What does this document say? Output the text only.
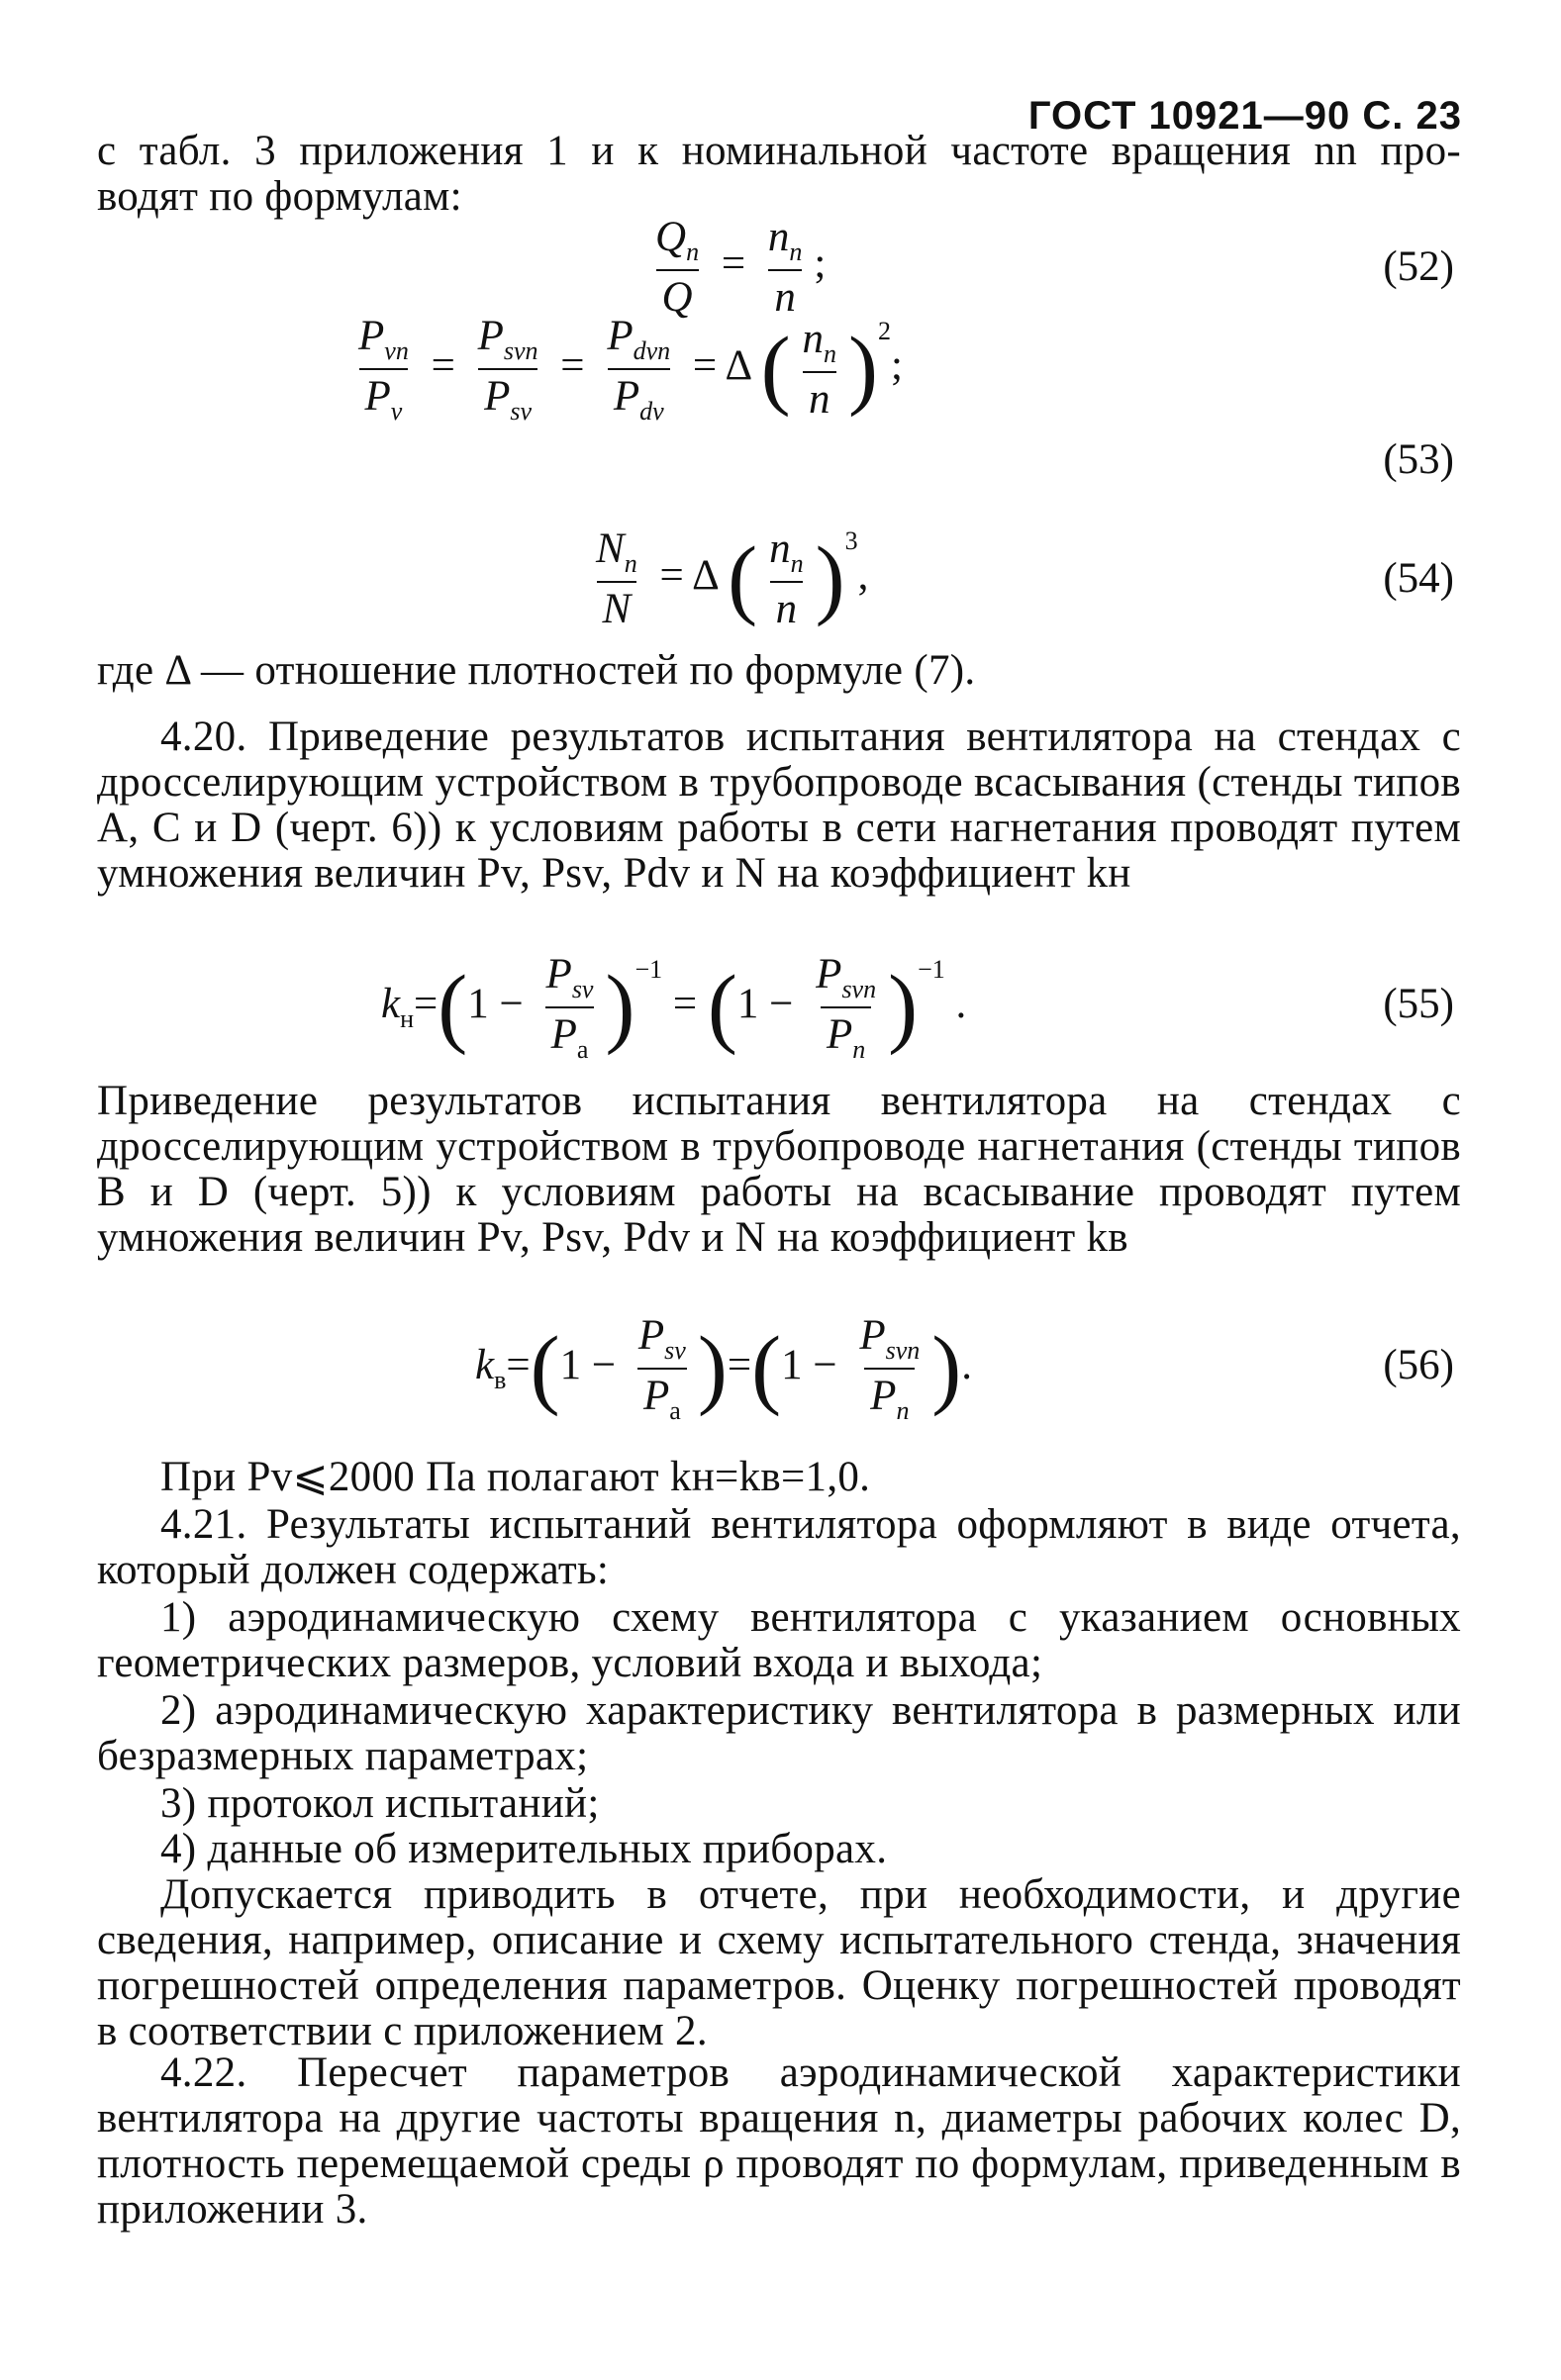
ГОСТ 10921—90 С. 23

с табл. 3 приложения 1 и к номинальной частоте вращения nn про-

водят по формулам:

$\frac{Q_n}{Q} = \frac{n_n}{n}$ ;	(52)
$\frac{P_{vn}}{P_v} = \frac{P_{svn}}{P_{sv}} = \frac{P_{dvn}}{P_{dv}} = \Delta$ ( $\frac{n_n}{n} )^2$;
(53)
$\frac{N_n}{N} = \Delta$ ( $\frac{n_n}{n} )^3$,	(54)

где Δ — отношение плотностей по формуле (7).

4.20. Приведение результатов испытания вентилятора на стендах с дросселирующим устройством в трубопроводе всасывания (стенды типов А, С и D (черт. 6)) к условиям работы в сети нагнетания проводят путем умножения величин Pv, Psv, Pdv и N на коэффициент kн

$k_н=(1 - \frac{P_{sv}}{P_а} )^{-1} = (1 - \frac{P_{svn}}{P_n} )^{-1}$ .	(55)

Приведение результатов испытания вентилятора на стендах с дросселирующим устройством в трубопроводе нагнетания (стенды типов В и D (черт. 5)) к условиям работы на всасывание проводят путем умножения величин Pv, Psv, Pdv и N на коэффициент kв

$k_в=(1 - \frac{P_{sv}}{P_а} )=(1 - \frac{P_{svn}}{P_n}$ ).	(56)

При Pv⩽2000 Па полагают kн=kв=1,0.

4.21. Результаты испытаний вентилятора оформляют в виде отчета, который должен содержать:

1) аэродинамическую схему вентилятора с указанием основных геометрических размеров, условий входа и выхода;

2) аэродинамическую характеристику вентилятора в размерных или безразмерных параметрах;

3) протокол испытаний;

4) данные об измерительных приборах.

Допускается приводить в отчете, при необходимости, и другие сведения, например, описание и схему испытательного стенда, значения погрешностей определения параметров. Оценку погрешностей проводят в соответствии с приложением 2.

4.22. Пересчет параметров аэродинамической характеристики вентилятора на другие частоты вращения n, диаметры рабочих колес D, плотность перемещаемой среды ρ проводят по формулам, приведенным в приложении 3.
